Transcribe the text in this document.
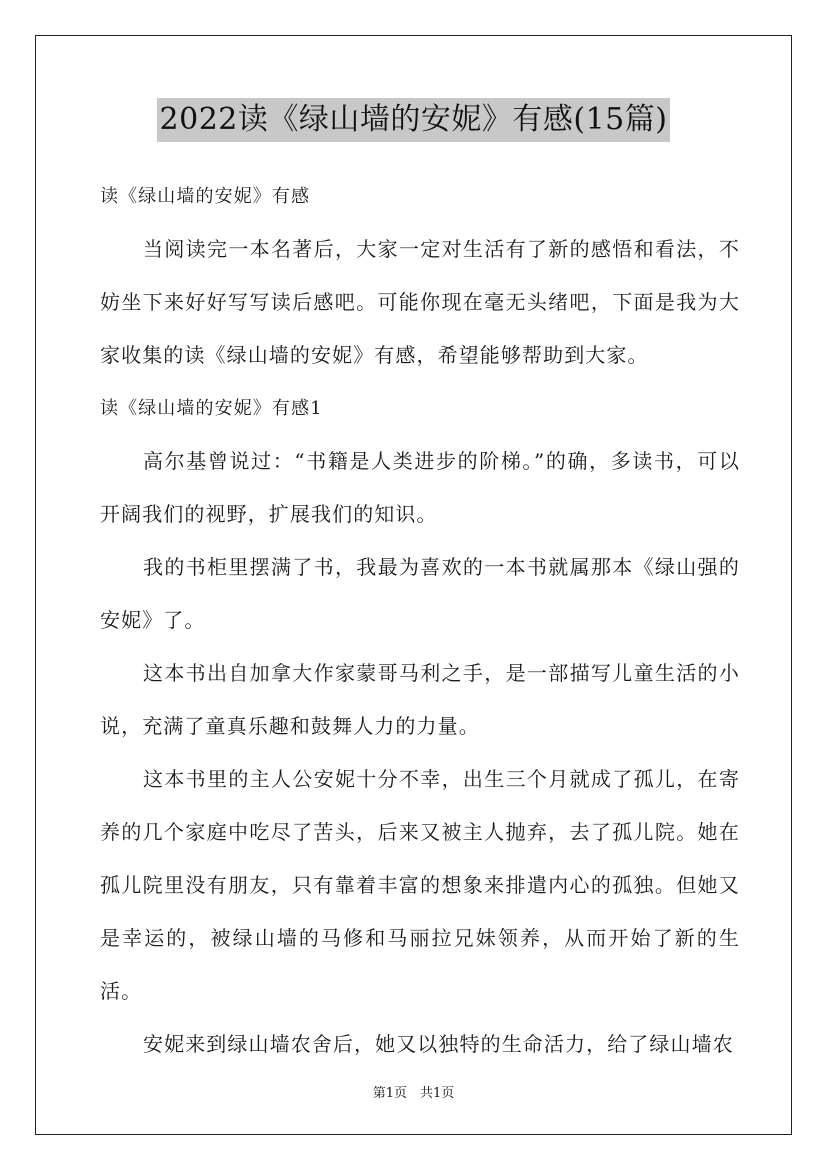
2022读《绿山墙的安妮》有感(15篇)

读《绿山墙的安妮》有感

当阅读完一本名著后，大家一定对生活有了新的感悟和看法，不妨坐下来好好写写读后感吧。可能你现在毫无头绪吧，下面是我为大家收集的读《绿山墙的安妮》有感，希望能够帮助到大家。

读《绿山墙的安妮》有感1

高尔基曾说过：“书籍是人类进步的阶梯。”的确，多读书，可以开阔我们的视野，扩展我们的知识。

我的书柜里摆满了书，我最为喜欢的一本书就属那本《绿山强的安妮》了。

这本书出自加拿大作家蒙哥马利之手，是一部描写儿童生活的小说，充满了童真乐趣和鼓舞人力的力量。

这本书里的主人公安妮十分不幸，出生三个月就成了孤儿，在寄养的几个家庭中吃尽了苦头，后来又被主人抛弃，去了孤儿院。她在孤儿院里没有朋友，只有靠着丰富的想象来排遣内心的孤独。但她又是幸运的，被绿山墙的马修和马丽拉兄妹领养，从而开始了新的生活。

安妮来到绿山墙农舍后，她又以独特的生命活力，给了绿山墙农

第1页　共1页
